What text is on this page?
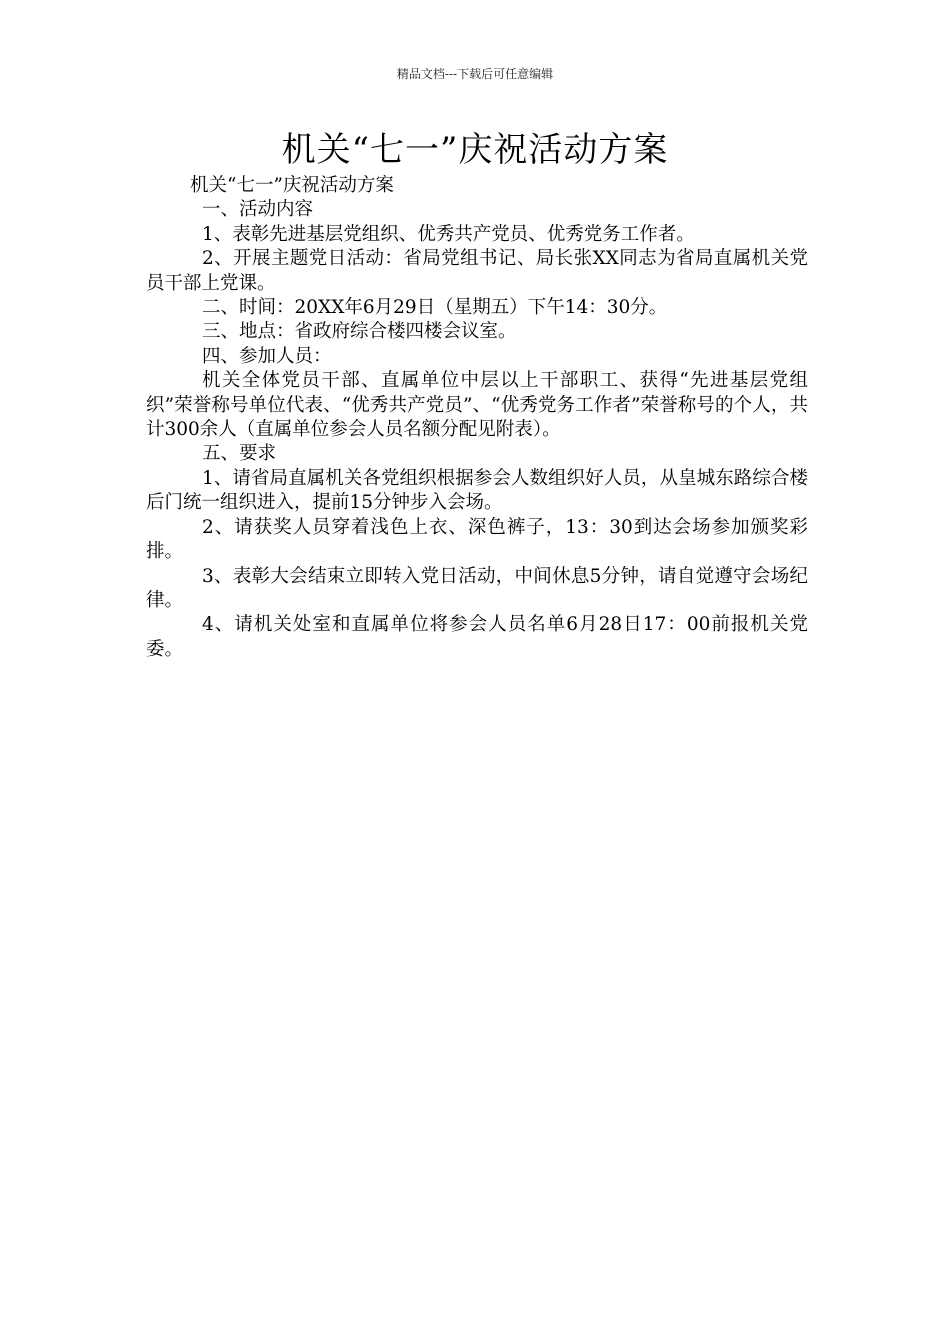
精品文档---下载后可任意编辑
机关“七一”庆祝活动方案

机关“七一”庆祝活动方案

一、活动内容

1、表彰先进基层党组织、优秀共产党员、优秀党务工作者。

2、开展主题党日活动：省局党组书记、局长张XX同志为省局直属机关党员干部上党课。

二、时间：20XX年6月29日（星期五）下午14：30分。

三、地点：省政府综合楼四楼会议室。

四、参加人员：

机关全体党员干部、直属单位中层以上干部职工、获得“先进基层党组织”荣誉称号单位代表、“优秀共产党员”、“优秀党务工作者”荣誉称号的个人，共计300余人（直属单位参会人员名额分配见附表）。

五、要求

1、请省局直属机关各党组织根据参会人数组织好人员，从皇城东路综合楼后门统一组织进入，提前15分钟步入会场。

2、请获奖人员穿着浅色上衣、深色裤子，13：30到达会场参加颁奖彩排。

3、表彰大会结束立即转入党日活动，中间休息5分钟，请自觉遵守会场纪律。

4、请机关处室和直属单位将参会人员名单6月28日17：00前报机关党委。
